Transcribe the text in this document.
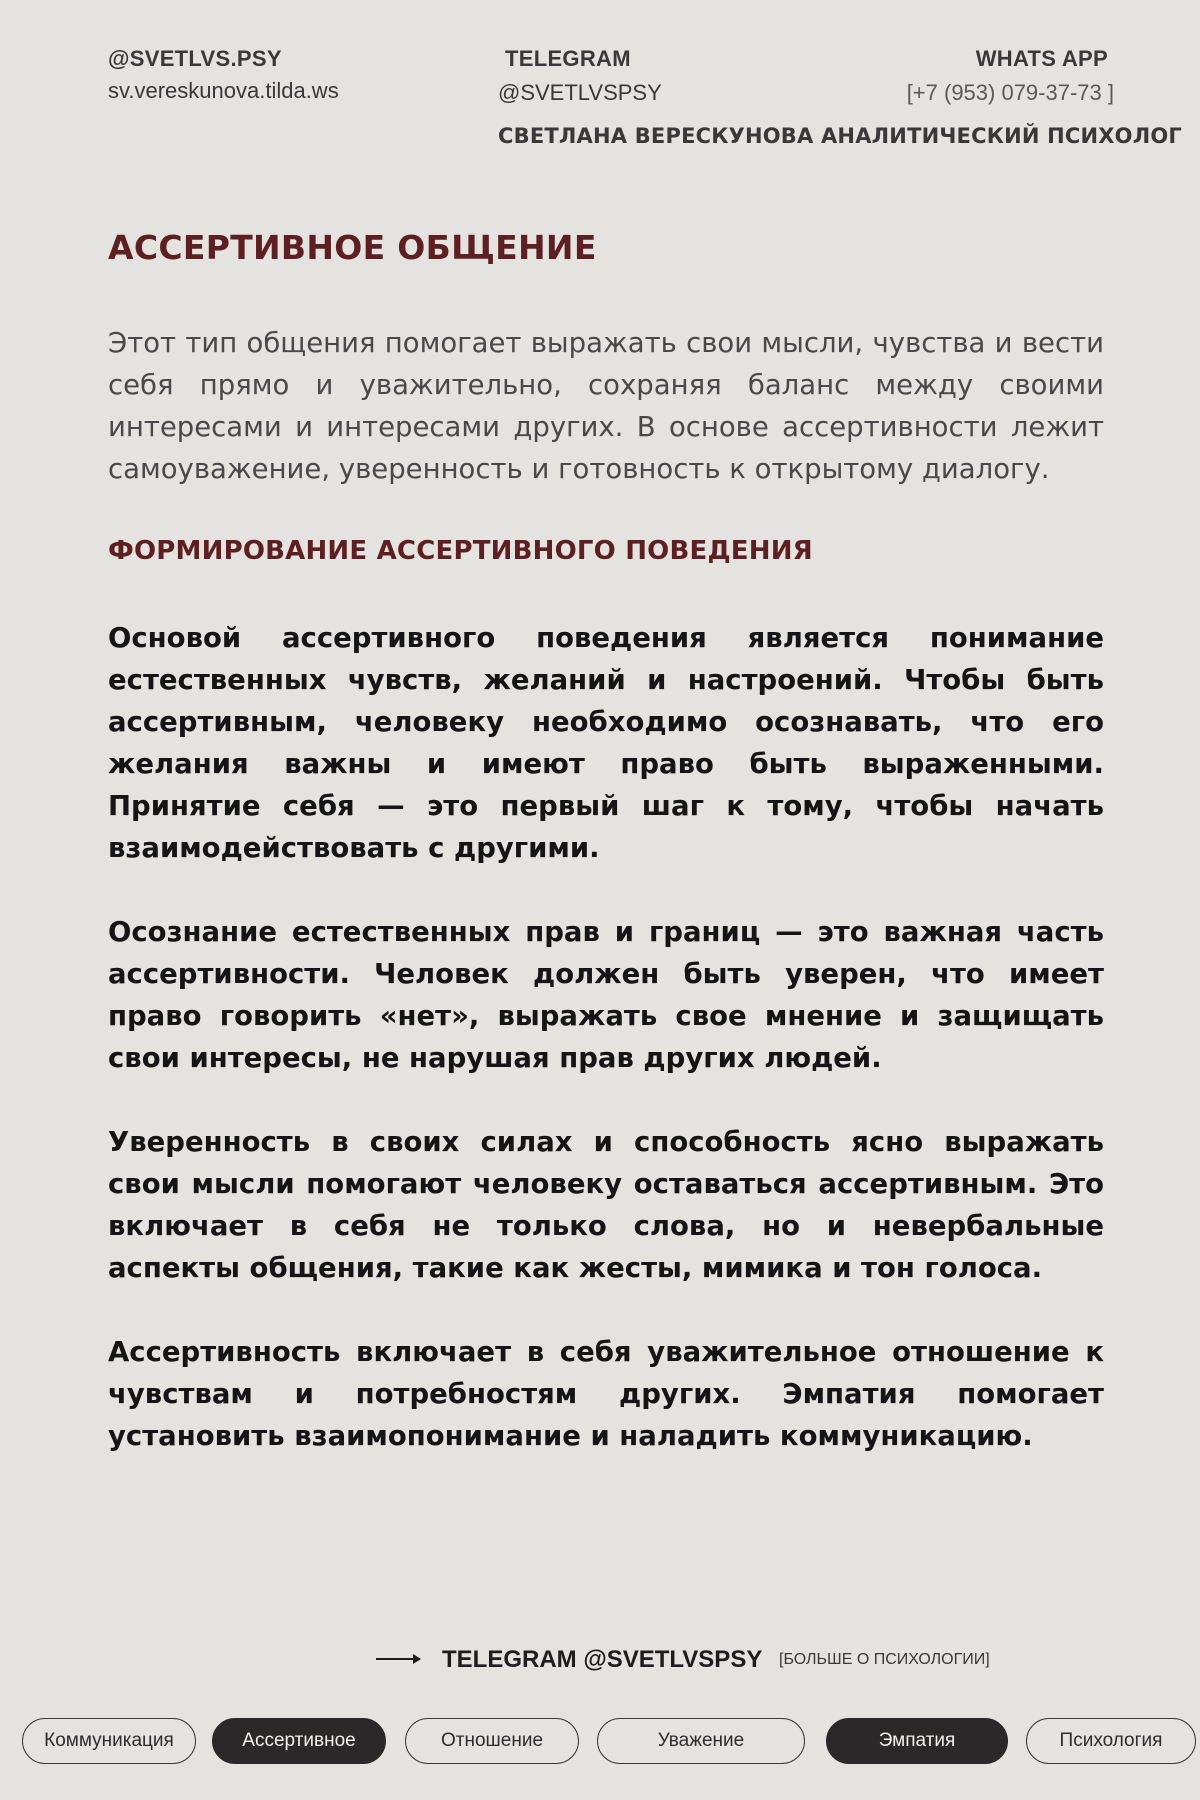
@SVETLVS.PSY
sv.vereskunova.tilda.ws
TELEGRAM
@SVETLVSPSY
WHATS APP
[+7 (953) 079-37-73 ]
СВЕТЛАНА ВЕРЕСКУНОВА АНАЛИТИЧЕСКИЙ ПСИХОЛОГ
АССЕРТИВНОЕ ОБЩЕНИЕ

Этот тип общения помогает выражать свои мысли, чувства и вести себя прямо и уважительно, сохраняя баланс между своими интересами и интересами других. В основе ассертивности лежит самоуважение, уверенность и готовность к открытому диалогу.

ФОРМИРОВАНИЕ АССЕРТИВНОГО ПОВЕДЕНИЯ

Основой ассертивного поведения является понимание естественных чувств, желаний и настроений. Чтобы быть ассертивным, человеку необходимо осознавать, что его желания важны и имеют право быть выраженными. Принятие себя — это первый шаг к тому, чтобы начать взаимодействовать с другими.

Осознание естественных прав и границ — это важная часть ассертивности. Человек должен быть уверен, что имеет право говорить «нет», выражать свое мнение и защищать свои интересы, не нарушая прав других людей.

Уверенность в своих силах и способность ясно выражать свои мысли помогают человеку оставаться ассертивным. Это включает в себя не только слова, но и невербальные аспекты общения, такие как жесты, мимика и тон голоса.

Ассертивность включает в себя уважительное отношение к чувствам и потребностям других. Эмпатия помогает установить взаимопонимание и наладить коммуникацию.

TELEGRAM @SVETLVSPSY [БОЛЬШЕ О ПСИХОЛОГИИ]
Коммуникация	Ассертивное	Отношение	Уважение	Эмпатия	Психология
